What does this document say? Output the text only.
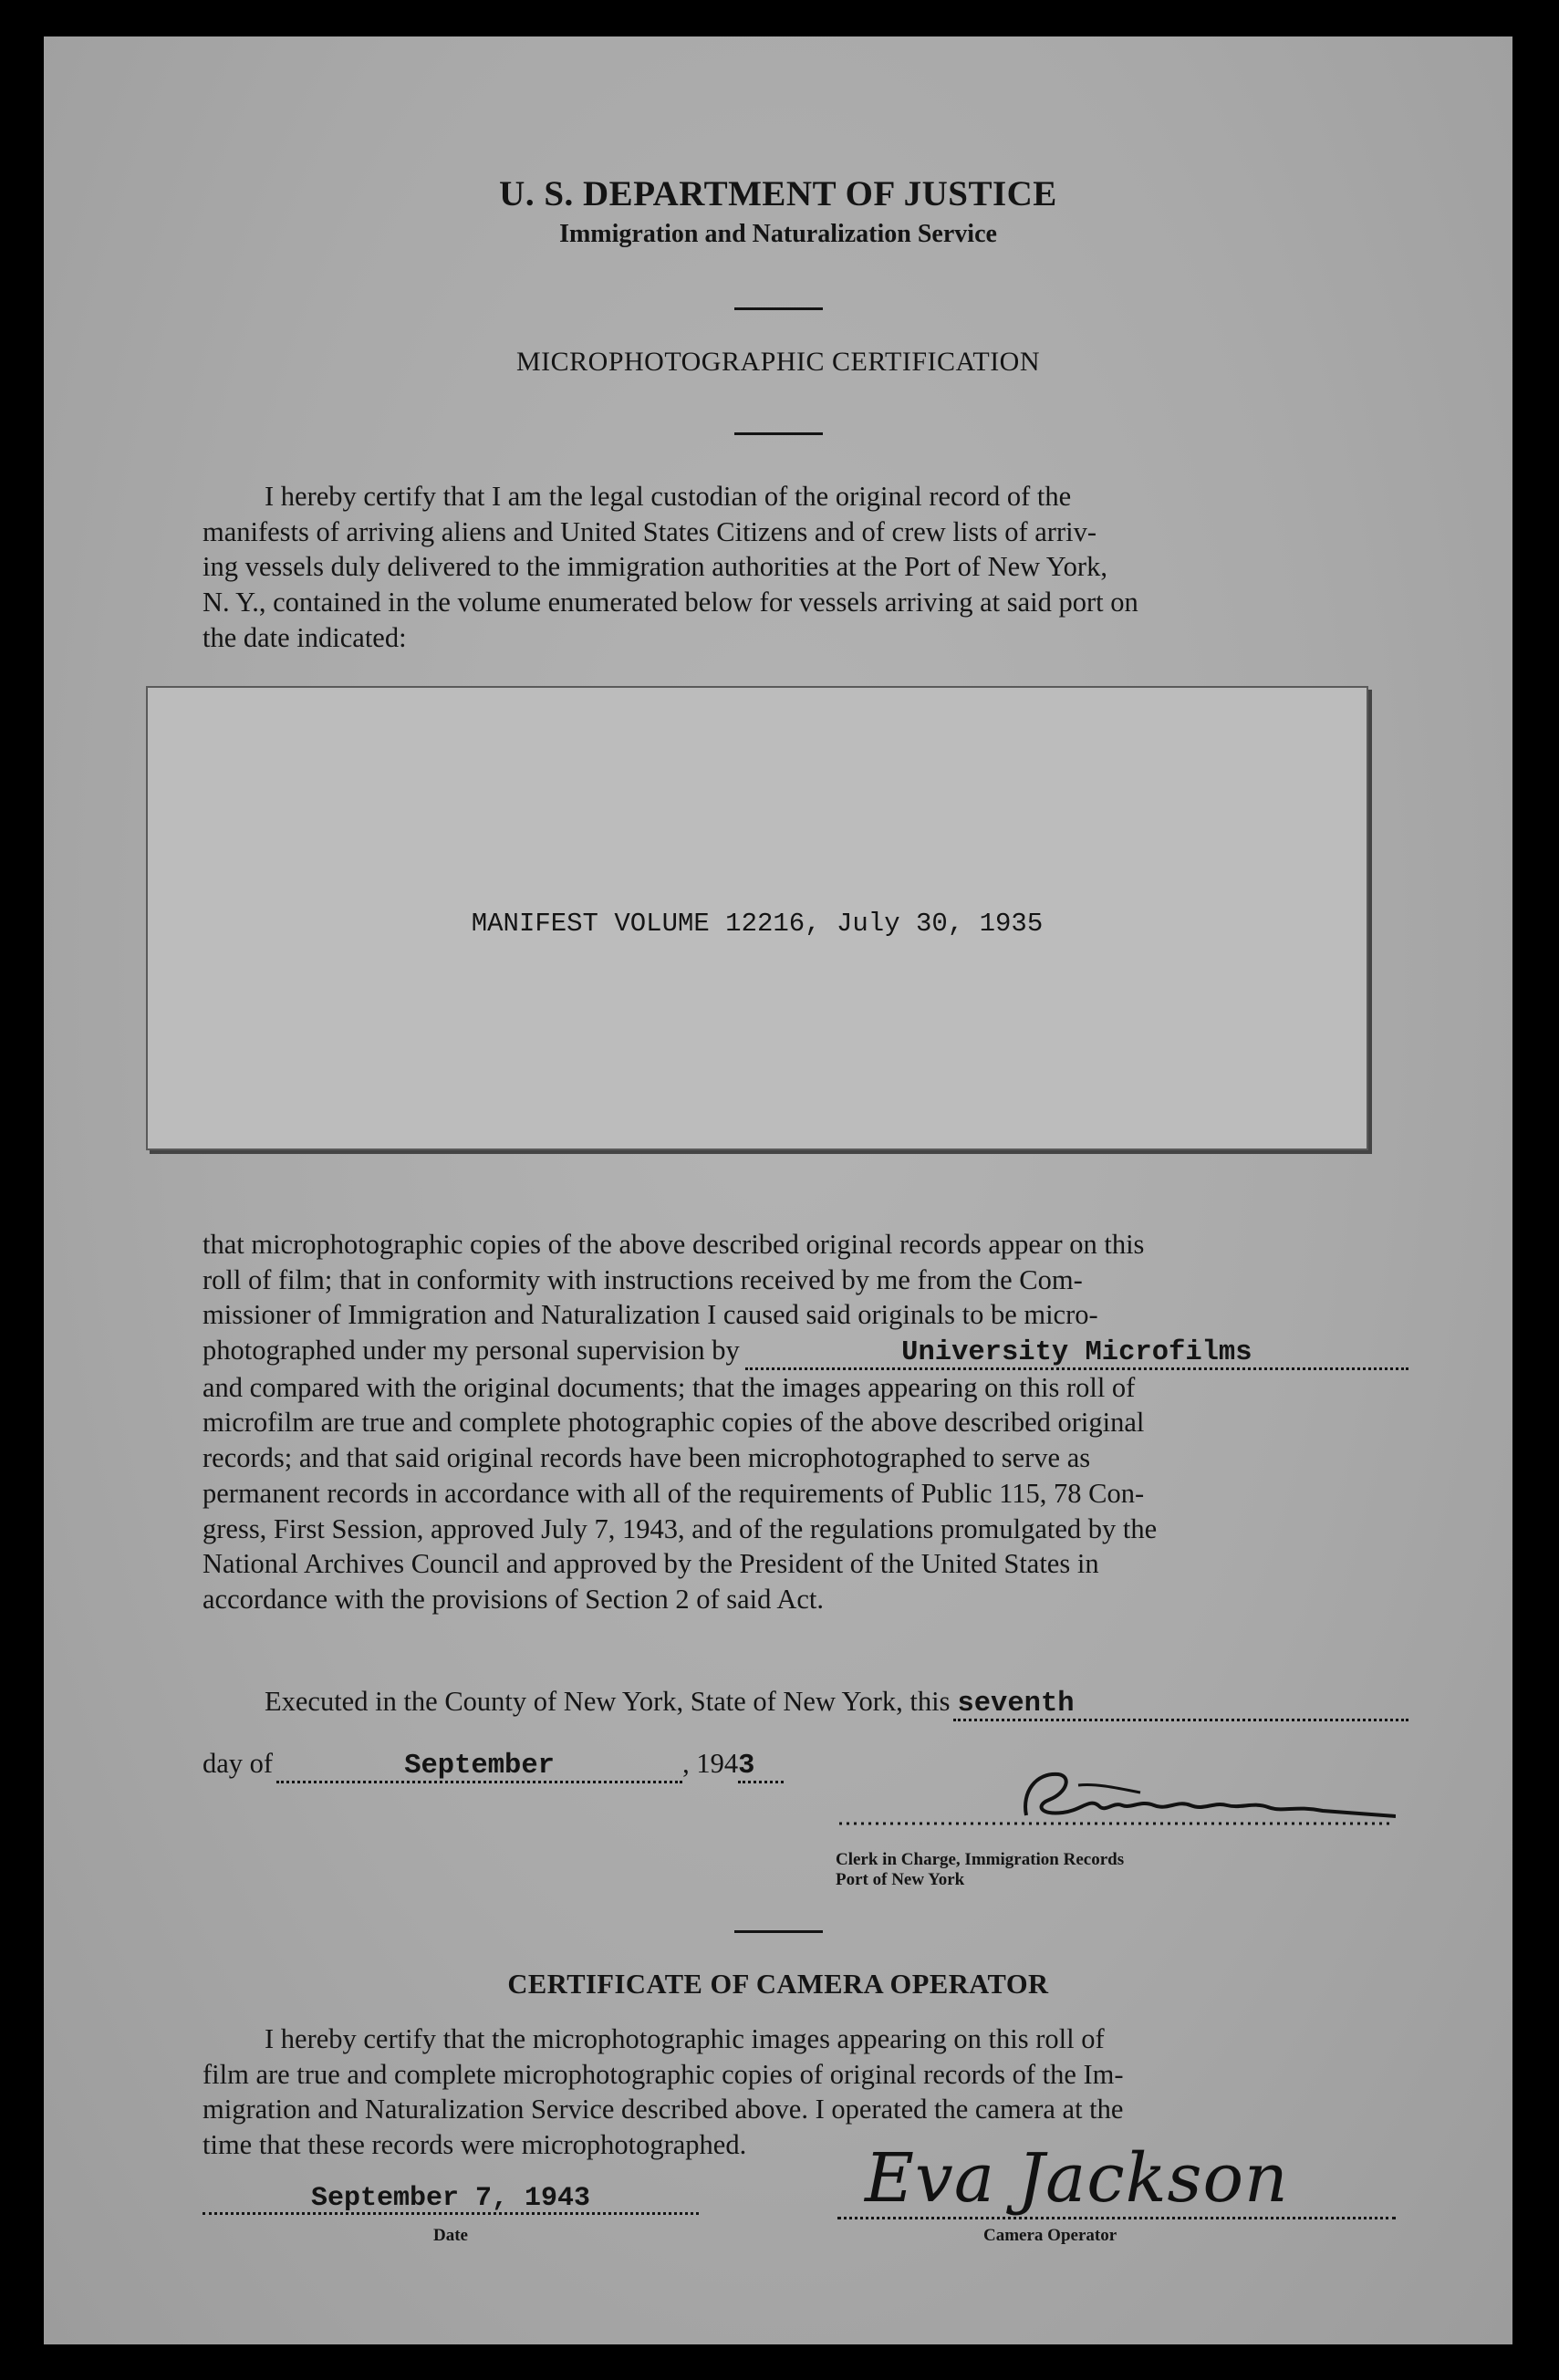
U. S. DEPARTMENT OF JUSTICE
Immigration and Naturalization Service
MICROPHOTOGRAPHIC CERTIFICATION
I hereby certify that I am the legal custodian of the original record of the
manifests of arriving aliens and United States Citizens and of crew lists of arriv-
ing vessels duly delivered to the immigration authorities at the Port of New York,
N. Y., contained in the volume enumerated below for vessels arriving at said port on
the date indicated:
MANIFEST VOLUME 12216, July 30, 1935
that microphotographic copies of the above described original records appear on this
roll of film; that in conformity with instructions received by me from the Com-
missioner of Immigration and Naturalization I caused said originals to be micro-
photographed under my personal supervision by	University Microfilms
and compared with the original documents; that the images appearing on this roll of
microfilm are true and complete photographic copies of the above described original
records; and that said original records have been microphotographed to serve as
permanent records in accordance with all of the requirements of Public 115, 78 Con-
gress, First Session, approved July 7, 1943, and of the regulations promulgated by the
National Archives Council and approved by the President of the United States in
accordance with the provisions of Section 2 of said Act.
Executed in the County of New York, State of New York, this seventh
day of	September	, 194 3
Clerk in Charge, Immigration Records
Port of New York
CERTIFICATE OF CAMERA OPERATOR
I hereby certify that the microphotographic images appearing on this roll of
film are true and complete microphotographic copies of original records of the Im-
migration and Naturalization Service described above. I operated the camera at the
time that these records were microphotographed.
September 7, 1943
Date
Eva Jackson
Camera Operator
